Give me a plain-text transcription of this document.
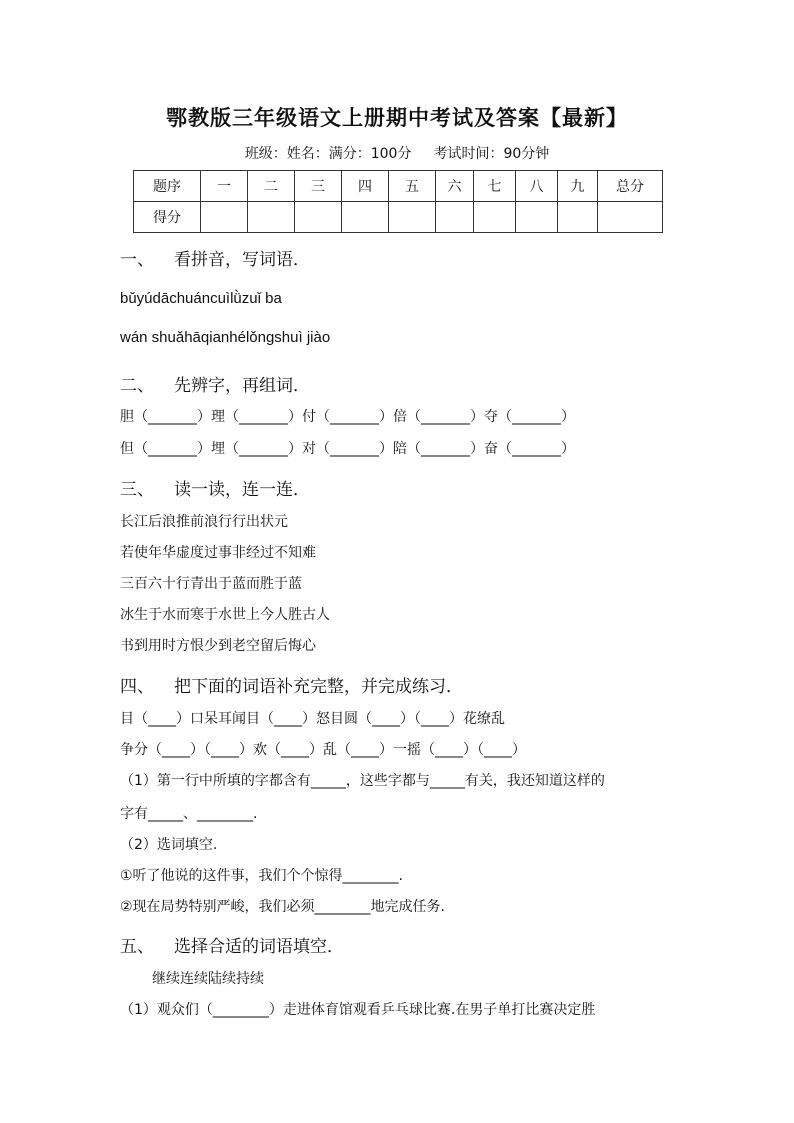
鄂教版三年级语文上册期中考试及答案【最新】
班级：姓名：满分：100分 考试时间：90分钟
题序	一	二	三	四	五	六	七	八	九	总分
得分										
一、 看拼音，写词语．
bǔyúdāchuáncuìlǜzuǐ ba
wán shuǎhāqianhélǒngshuì jiào
二、 先辨字，再组词．
胆（_______）理（_______）付（_______）倍（_______）夺（_______）
但（_______）埋（_______）对（_______）陪（_______）奋（_______）
三、 读一读，连一连．
长江后浪推前浪行行出状元
若使年华虚度过事非经过不知难
三百六十行青出于蓝而胜于蓝
冰生于水而寒于水世上今人胜古人
书到用时方恨少到老空留后悔心
四、 把下面的词语补充完整，并完成练习．
目（____）口呆耳闻目（____）怒目圆（____）（____）花缭乱
争分（____）（____）欢（____）乱（____）一摇（____）（____）
（1）第一行中所填的字都含有_____，这些字都与_____有关，我还知道这样的
字有_____、________.
（2）选词填空.
①听了他说的这件事，我们个个惊得________.
②现在局势特别严峻，我们必须________地完成任务.
五、 选择合适的词语填空．
继续连续陆续持续
（1）观众们（________）走进体育馆观看乒乓球比赛.在男子单打比赛决定胜
